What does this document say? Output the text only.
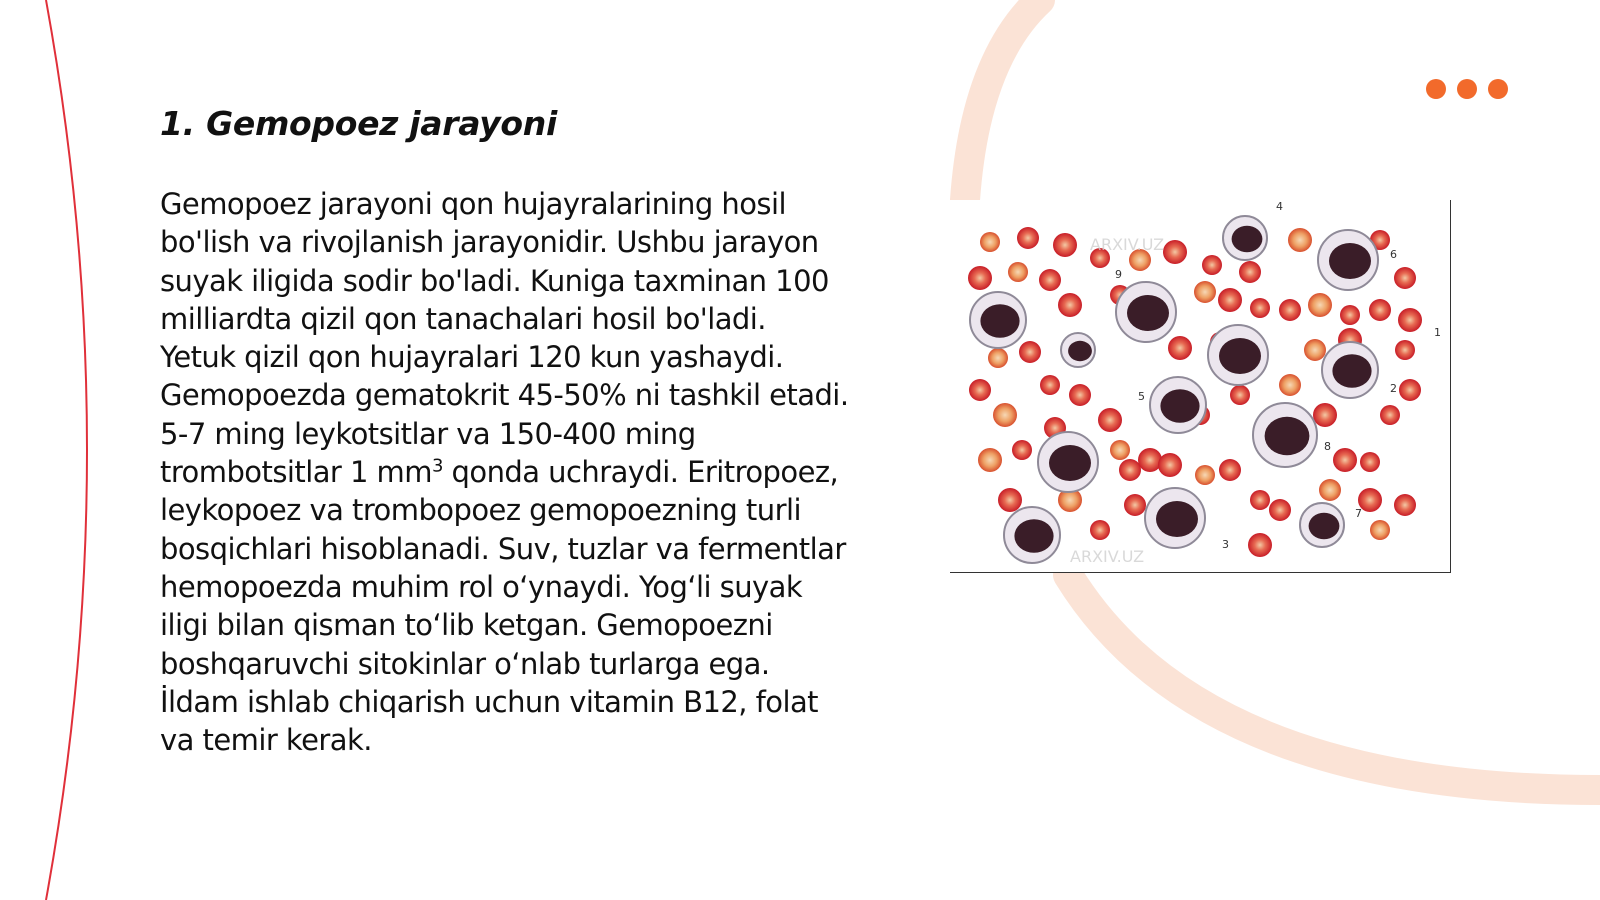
1. Gemopoez jarayoni

Gemopoez jarayoni qon hujayralarining hosil bo'lish va rivojlanish jarayonidir. Ushbu jarayon suyak iligida sodir bo'ladi. Kuniga taxminan 100 milliardta qizil qon tanachalari hosil bo'ladi. Yetuk qizil qon hujayralari 120 kun yashaydi. Gemopoezda gematokrit 45-50% ni tashkil etadi. 5-7 ming leykotsitlar va 150-400 ming trombotsitlar 1 $mm^3$ qonda uchraydi. Eritropoez, leykopoez va trombopoez gemopoezning turli bosqichlari hisoblanadi. Suv, tuzlar va fermentlar hemopoezda muhim rol o‘ynaydi. Yog‘li suyak iligi bilan qisman to‘lib ketgan. Gemopoezni boshqaruvchi sitokinlar o‘nlab turlarga ega. İldam ishlab chiqarish uchun vitamin B12, folat va temir kerak.

ARXIV.UZ
ARXIV.UZ
4
6
1
2
8
7
3
5
9
